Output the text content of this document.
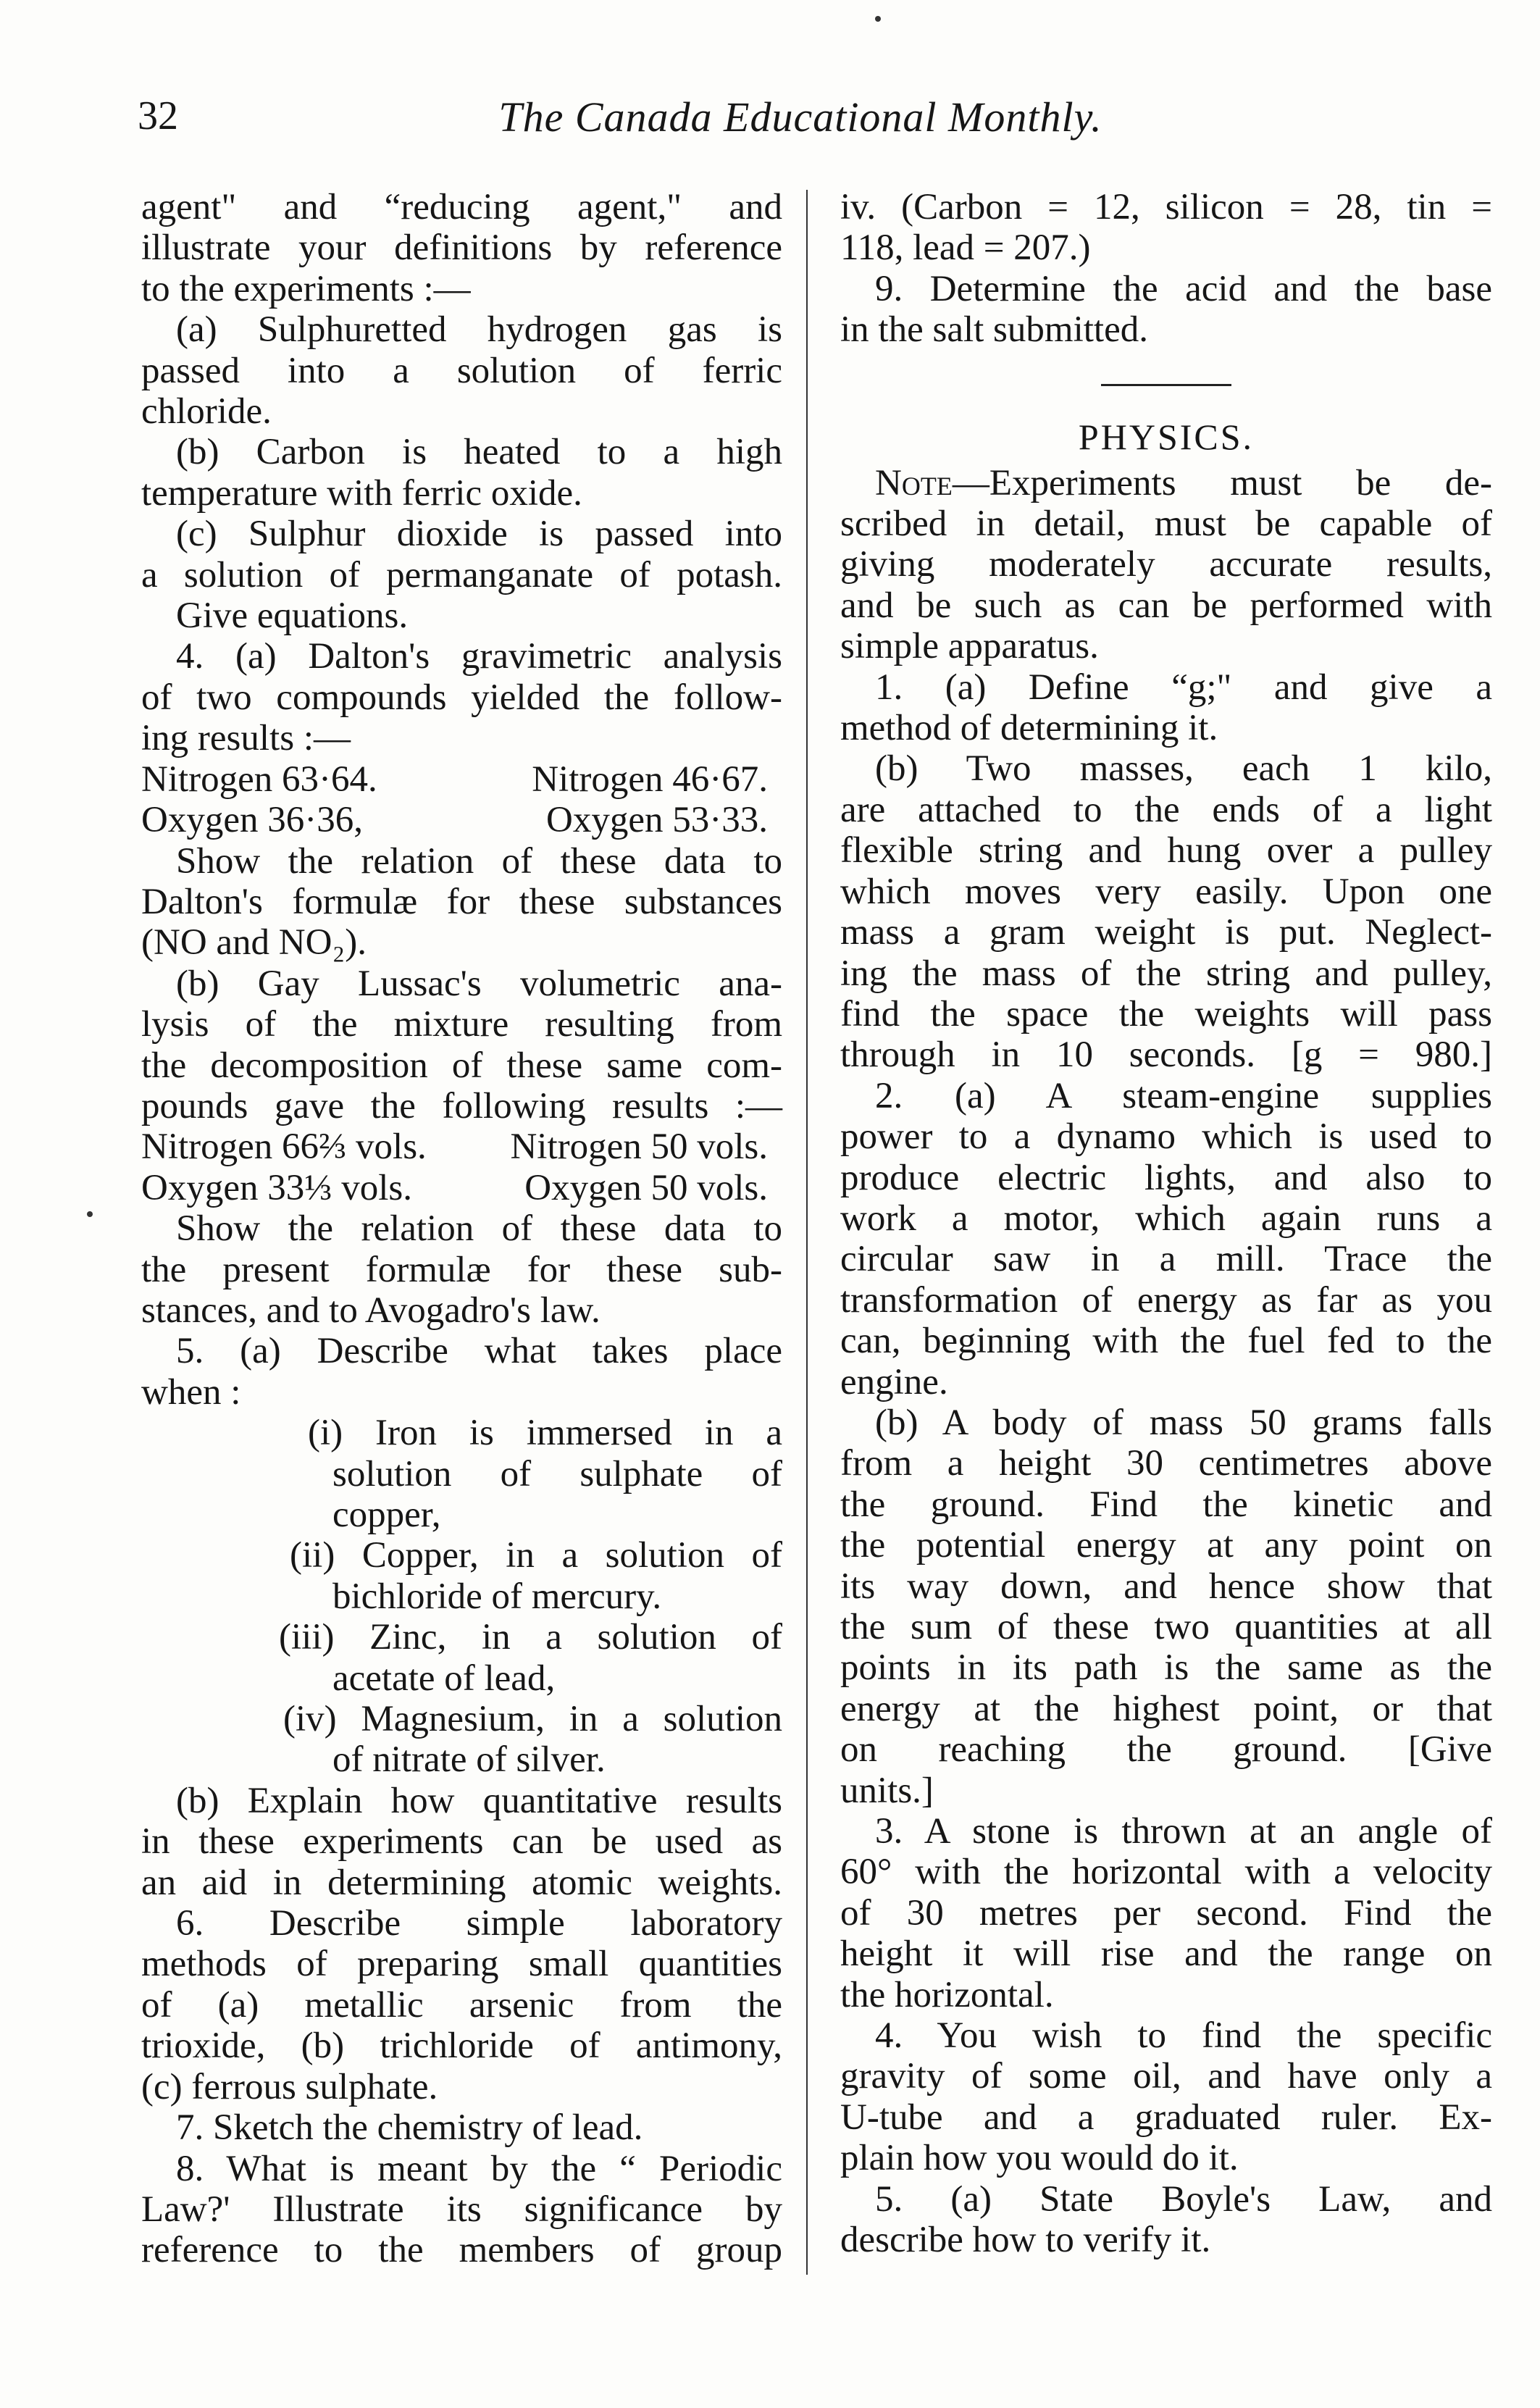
32	The Canada Educational Monthly.

agent" and “reducing agent," and

illustrate your definitions by reference

to the experiments :—

(a) Sulphuretted hydrogen gas is

passed into a solution of ferric

chloride.

(b) Carbon is heated to a high

temperature with ferric oxide.

(c) Sulphur dioxide is passed into

a solution of permanganate of potash.

Give equations.

4. (a) Dalton's gravimetric analysis

of two compounds yielded the follow-

ing results :—

Nitrogen 63·64.	Nitrogen 46·67.

Oxygen 36·36,	Oxygen 53·33.

Show the relation of these data to

Dalton's formulæ for these substances

(NO and NO₂).

(b) Gay Lussac's volumetric ana-

lysis of the mixture resulting from

the decomposition of these same com-

pounds gave the following results :—

Nitrogen 66⅔ vols. Nitrogen 50 vols.

Oxygen 33⅓ vols.	Oxygen 50 vols.

Show the relation of these data to

the present formulæ for these sub-

stances, and to Avogadro's law.

5. (a) Describe what takes place

when :

(i) Iron is immersed in a

solution of sulphate of

copper,

(ii) Copper, in a solution of

bichloride of mercury.

(iii) Zinc, in a solution of

acetate of lead,

(iv) Magnesium, in a solution

of nitrate of silver.

(b) Explain how quantitative results

in these experiments can be used as

an aid in determining atomic weights.

6. Describe simple laboratory

methods of preparing small quantities

of (a) metallic arsenic from the

trioxide, (b) trichloride of antimony,

(c) ferrous sulphate.

7. Sketch the chemistry of lead.

8. What is meant by the “ Periodic

Law?' Illustrate its significance by

reference to the members of group

iv. (Carbon = 12, silicon = 28, tin =

118, lead = 207.)

9. Determine the acid and the base

in the salt submitted.

PHYSICS.

Note—Experiments must be de-

scribed in detail, must be capable of

giving moderately accurate results,

and be such as can be performed with

simple apparatus.

1. (a) Define “g;" and give a

method of determining it.

(b) Two masses, each 1 kilo,

are attached to the ends of a light

flexible string and hung over a pulley

which moves very easily. Upon one

mass a gram weight is put. Neglect-

ing the mass of the string and pulley,

find the space the weights will pass

through in 10 seconds. [g = 980.]

2. (a) A steam-engine supplies

power to a dynamo which is used to

produce electric lights, and also to

work a motor, which again runs a

circular saw in a mill. Trace the

transformation of energy as far as you

can, beginning with the fuel fed to the

engine.

(b) A body of mass 50 grams falls

from a height 30 centimetres above

the ground. Find the kinetic and

the potential energy at any point on

its way down, and hence show that

the sum of these two quantities at all

points in its path is the same as the

energy at the highest point, or that

on reaching the ground. [Give

units.]

3. A stone is thrown at an angle of

60° with the horizontal with a velocity

of 30 metres per second. Find the

height it will rise and the range on

the horizontal.

4. You wish to find the specific

gravity of some oil, and have only a

U-tube and a graduated ruler. Ex-

plain how you would do it.

5. (a) State Boyle's Law, and

describe how to verify it.
